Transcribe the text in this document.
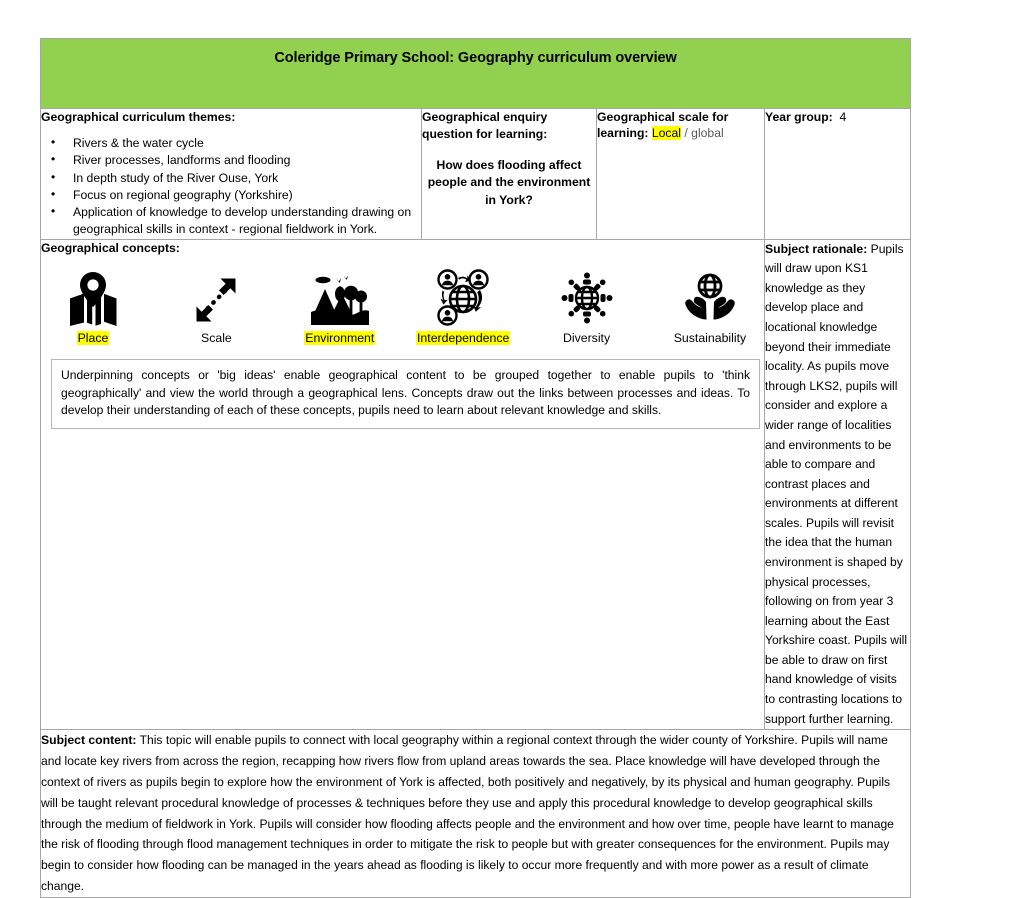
Coleridge Primary School: Geography curriculum overview			

Geographical curriculum themes:
• Rivers & the water cycle
• River processes, landforms and flooding
• In depth study of the River Ouse, York
• Focus on regional geography (Yorkshire)
• Application of knowledge to develop understanding drawing on geographical skills in context - regional fieldwork in York.

Geographical enquiry
question for learning:
How does flooding affect people and the environment in York?

Geographical scale for
learning: Local / global

Year group: 4

Geographical concepts:
Place	Scale	Environment	Interdependence	Diversity	Sustainability

Underpinning concepts or 'big ideas' enable geographical content to be grouped together to enable pupils to 'think geographically' and view the world through a geographical lens. Concepts draw out the links between processes and ideas. To develop their understanding of each of these concepts, pupils need to learn about relevant knowledge and skills.

Subject rationale: Pupils will draw upon KS1 knowledge as they develop place and locational knowledge beyond their immediate locality. As pupils move through LKS2, pupils will consider and explore a wider range of localities and environments to be able to compare and contrast places and environments at different scales. Pupils will revisit the idea that the human environment is shaped by physical processes, following on from year 3 learning about the East Yorkshire coast. Pupils will be able to draw on first hand knowledge of visits to contrasting locations to support further learning.

Subject content: This topic will enable pupils to connect with local geography within a regional context through the wider county of Yorkshire. Pupils will name and locate key rivers from across the region, recapping how rivers flow from upland areas towards the sea. Place knowledge will have developed through the context of rivers as pupils begin to explore how the environment of York is affected, both positively and negatively, by its physical and human geography. Pupils will be taught relevant procedural knowledge of processes & techniques before they use and apply this procedural knowledge to develop geographical skills through the medium of fieldwork in York. Pupils will consider how flooding affects people and the environment and how over time, people have learnt to manage the risk of flooding through flood management techniques in order to mitigate the risk to people but with greater consequences for the environment. Pupils may begin to consider how flooding can be managed in the years ahead as flooding is likely to occur more frequently and with more power as a result of climate change.			
